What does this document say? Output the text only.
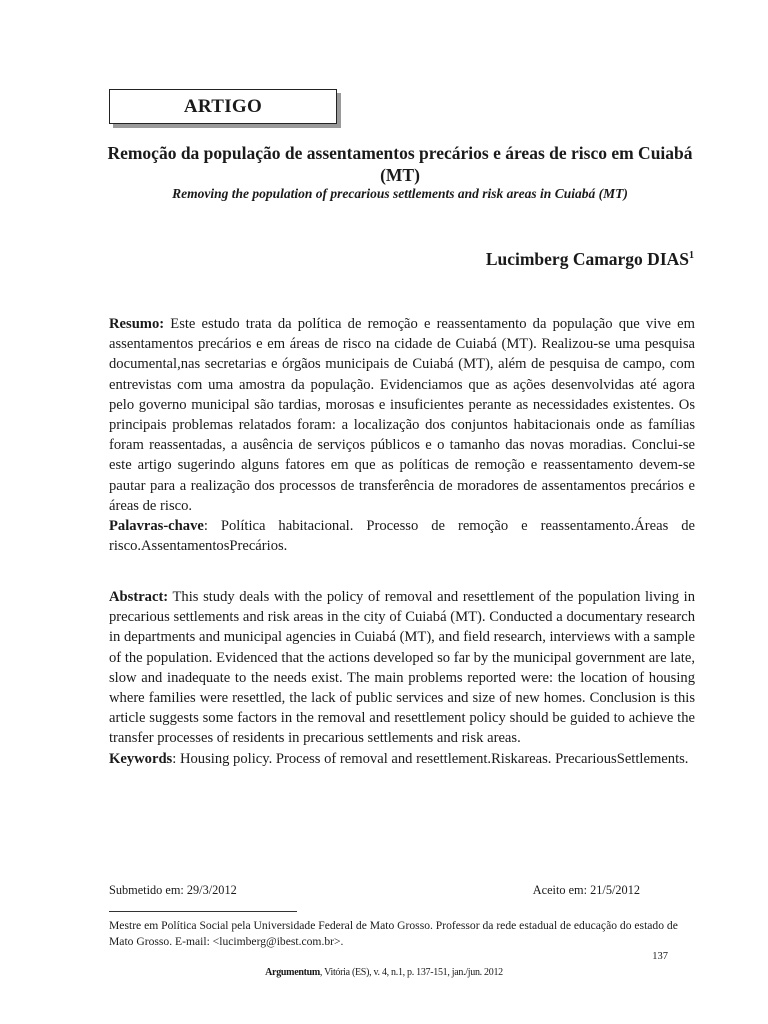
ARTIGO
Remoção da população de assentamentos precários e áreas de risco em Cuiabá (MT)
Removing the population of precarious settlements and risk areas in Cuiabá (MT)
Lucimberg Camargo DIAS$^1$
Resumo: Este estudo trata da política de remoção e reassentamento da população que vive em assentamentos precários e em áreas de risco na cidade de Cuiabá (MT). Realizou-se uma pesquisa documental,nas secretarias e órgãos municipais de Cuiabá (MT), além de pesquisa de campo, com entrevistas com uma amostra da população. Evidenciamos que as ações desenvolvidas até agora pelo governo municipal são tardias, morosas e insuficientes perante as necessidades existentes. Os principais problemas relatados foram: a localização dos conjuntos habitacionais onde as famílias foram reassentadas, a ausência de serviços públicos e o tamanho das novas moradias. Conclui-se este artigo sugerindo alguns fatores em que as políticas de remoção e reassentamento devem-se pautar para a realização dos processos de transferência de moradores de assentamentos precários e áreas de risco.
Palavras-chave: Política habitacional. Processo de remoção e reassentamento.Áreas de risco.AssentamentosPrecários.
Abstract: This study deals with the policy of removal and resettlement of the population living in precarious settlements and risk areas in the city of Cuiabá (MT). Conducted a documentary research in departments and municipal agencies in Cuiabá (MT), and field research, interviews with a sample of the population. Evidenced that the actions developed so far by the municipal government are late, slow and inadequate to the needs exist. The main problems reported were: the location of housing where families were resettled, the lack of public services and size of new homes. Conclusion is this article suggests some factors in the removal and resettlement policy should be guided to achieve the transfer processes of residents in precarious settlements and risk areas.
Keywords: Housing policy. Process of removal and resettlement.Riskareas. PrecariousSettlements.
Submetido em: 29/3/2012	Aceito em: 21/5/2012
Mestre em Política Social pela Universidade Federal de Mato Grosso. Professor da rede estadual de educação do estado de Mato Grosso. E-mail: <lucimberg@ibest.com.br>.
137
Argumentum, Vitória (ES), v. 4, n.1, p. 137-151, jan./jun. 2012
